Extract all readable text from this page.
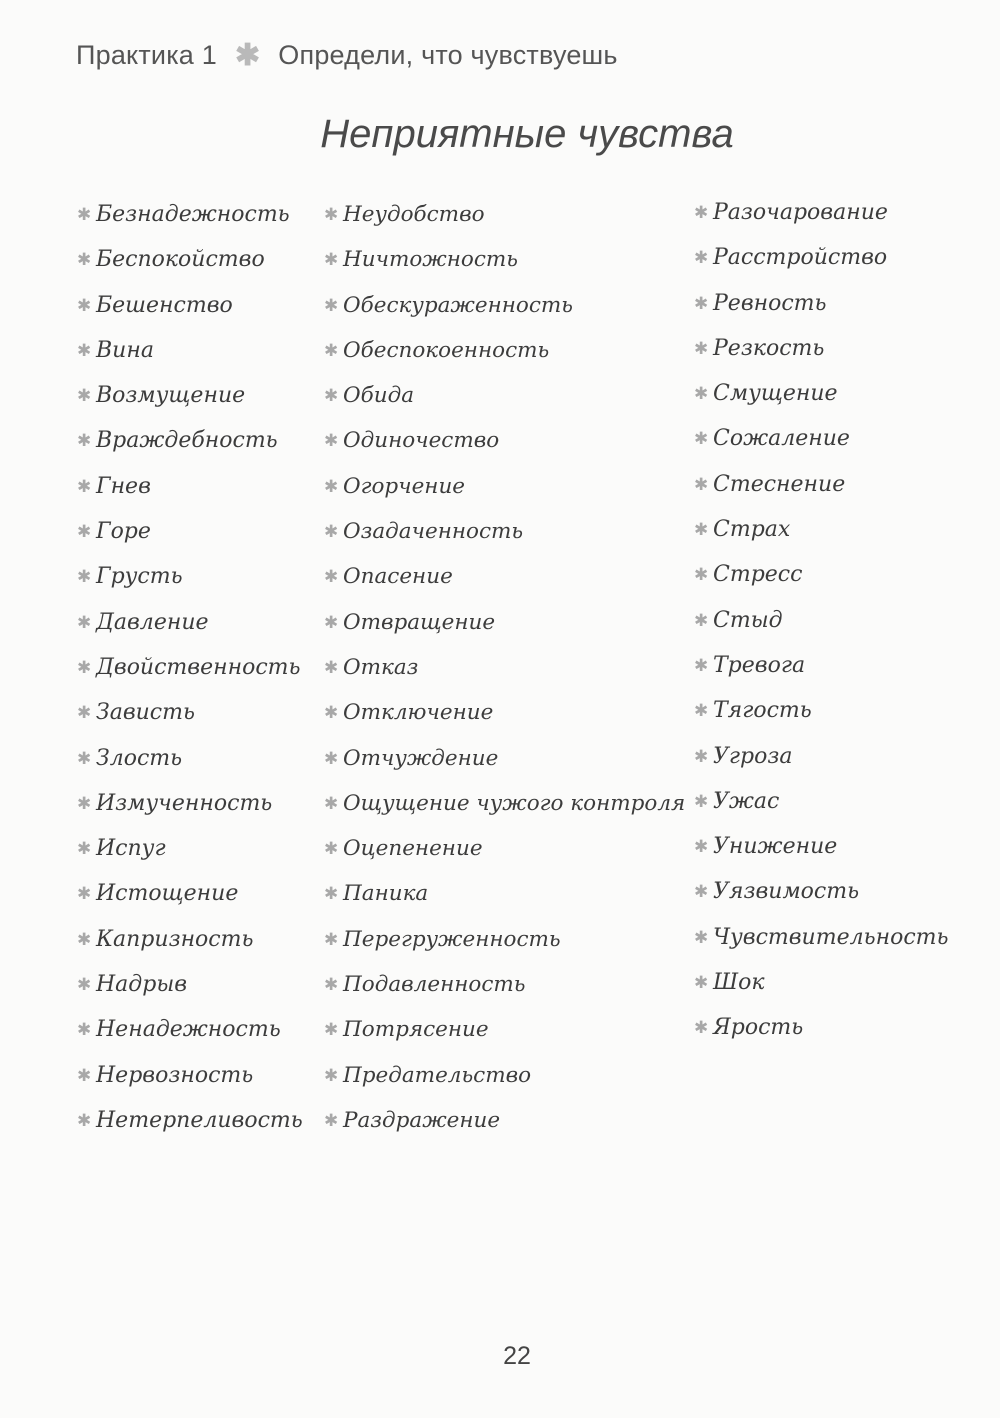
Практика 1 ✱ Определи, что чувствуешь
Неприятные чувства
✱ Безнадежность
✱ Беспокойство
✱ Бешенство
✱ Вина
✱ Возмущение
✱ Враждебность
✱ Гнев
✱ Горе
✱ Грусть
✱ Давление
✱ Двойственность
✱ Зависть
✱ Злость
✱ Измученность
✱ Испуг
✱ Истощение
✱ Капризность
✱ Надрыв
✱ Ненадежность
✱ Нервозность
✱ Нетерпеливость
✱ Неудобство
✱ Ничтожность
✱ Обескураженность
✱ Обеспокоенность
✱ Обида
✱ Одиночество
✱ Огорчение
✱ Озадаченность
✱ Опасение
✱ Отвращение
✱ Отказ
✱ Отключение
✱ Отчуждение
✱ Ощущение чужого контроля
✱ Оцепенение
✱ Паника
✱ Перегруженность
✱ Подавленность
✱ Потрясение
✱ Предательство
✱ Раздражение
✱ Разочарование
✱ Расстройство
✱ Ревность
✱ Резкость
✱ Смущение
✱ Сожаление
✱ Стеснение
✱ Страх
✱ Стресс
✱ Стыд
✱ Тревога
✱ Тягость
✱ Угроза
✱ Ужас
✱ Унижение
✱ Уязвимость
✱ Чувствительность
✱ Шок
✱ Ярость
22
